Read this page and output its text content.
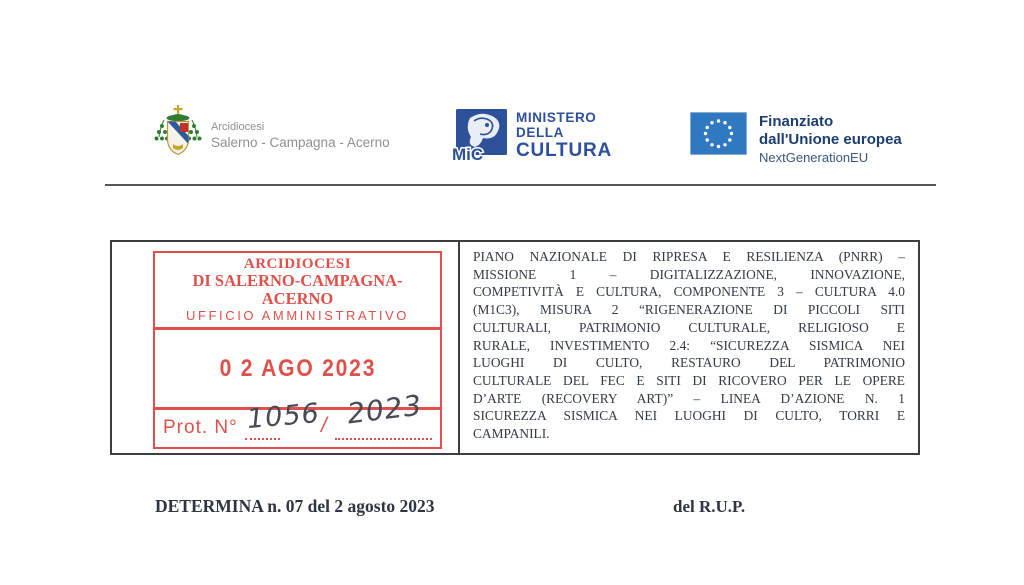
Arcidiocesi
Salerno - Campagna - Acerno
MiC
MINISTERO
DELLA
CULTURA
Finanziato
dall'Unione europea
NextGenerationEU
ARCIDIOCESI
DI SALERNO-CAMPAGNA-ACERNO
UFFICIO AMMINISTRATIVO
0 2 AGO 2023
Prot. N°	/
1056 2023
PIANO NAZIONALE DI RIPRESA E RESILIENZA (PNRR) –
MISSIONE 1 – DIGITALIZZAZIONE, INNOVAZIONE,
COMPETIVITÀ E CULTURA, COMPONENTE 3 – CULTURA 4.0
(M1C3), MISURA 2 “RIGENERAZIONE DI PICCOLI SITI
CULTURALI, PATRIMONIO CULTURALE, RELIGIOSO E
RURALE, INVESTIMENTO 2.4: “SICUREZZA SISMICA NEI
LUOGHI DI CULTO, RESTAURO DEL PATRIMONIO
CULTURALE DEL FEC E SITI DI RICOVERO PER LE OPERE
D’ARTE (RECOVERY ART)” – LINEA D’AZIONE N. 1
SICUREZZA SISMICA NEI LUOGHI DI CULTO, TORRI E
CAMPANILI.
DETERMINA n. 07 del 2 agosto 2023	del R.U.P.
